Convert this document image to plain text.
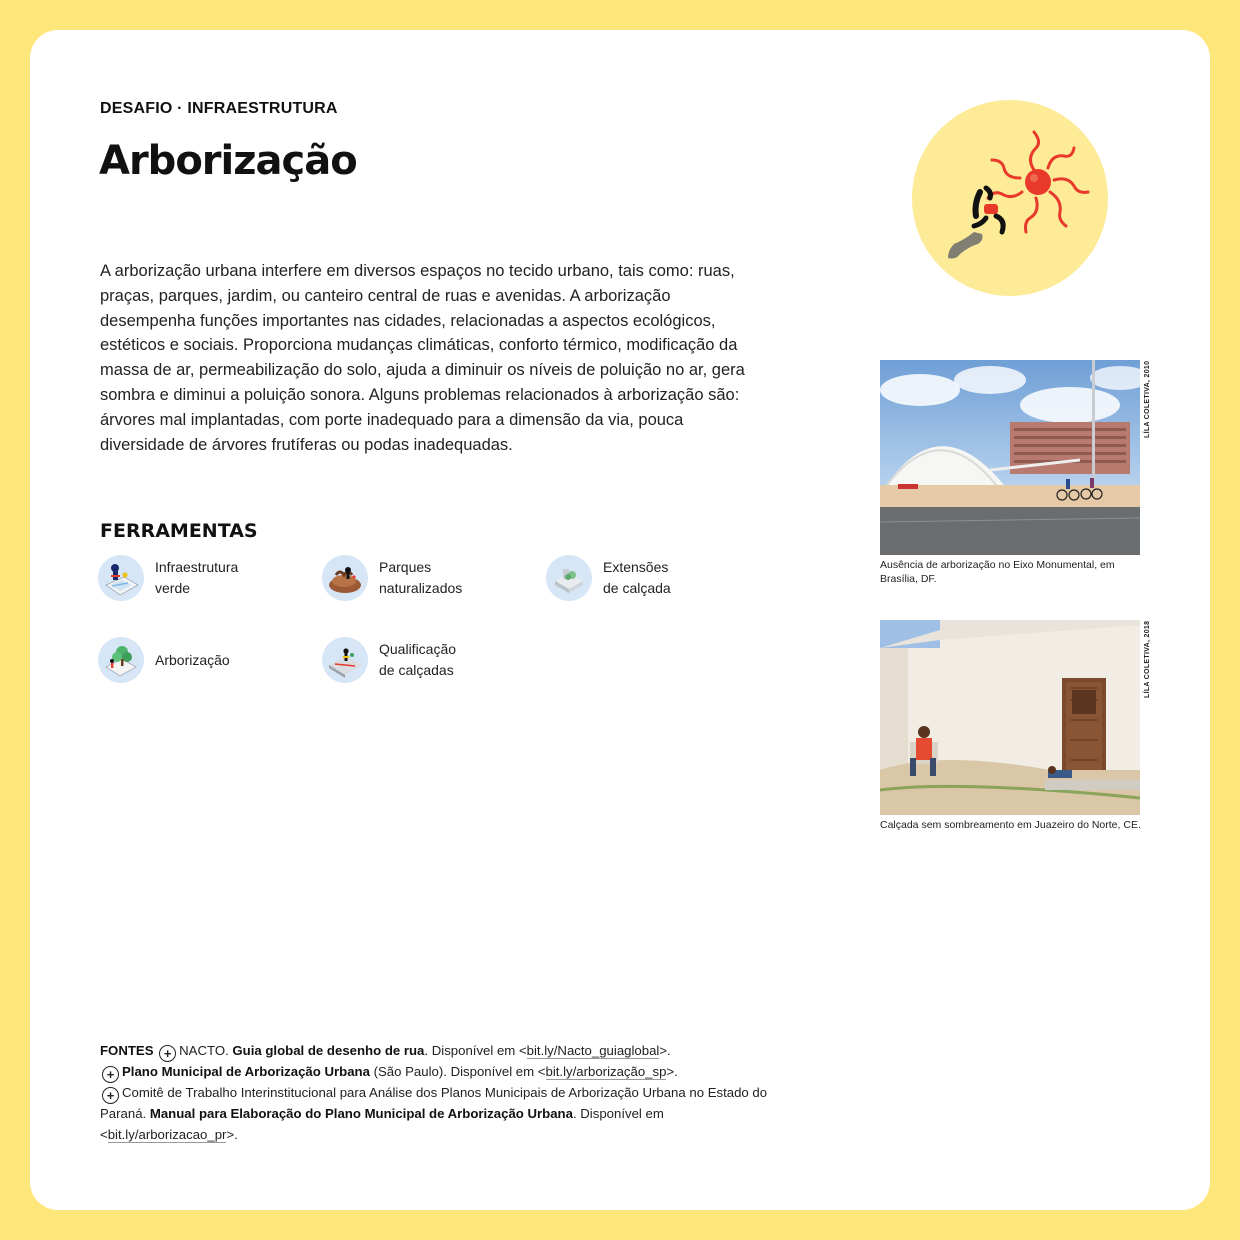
DESAFIO · INFRAESTRUTURA
Arborização

A arborização urbana interfere em diversos espaços no tecido urbano, tais como: ruas, praças, parques, jardim, ou canteiro central de ruas e avenidas. A arborização desempenha funções importantes nas cidades, relacionadas a aspectos ecológicos, estéticos e sociais. Proporciona mudanças climáticas, conforto térmico, modificação da massa de ar, permeabilização do solo, ajuda a diminuir os níveis de poluição no ar, gera sombra e diminui a poluição sonora. Alguns problemas relacionados à arborização são: árvores mal implantadas, com porte inadequado para a dimensão da via, pouca diversidade de árvores frutíferas ou podas inadequadas.

FERRAMENTAS
Infraestrutura
verde
Parques
naturalizados
Extensões
de calçada
Arborização
Qualificação
de calçadas
LÍLA COLETIVA, 2010
Ausência de arborização no Eixo Monumental, em Brasília, DF.
LÍLA COLETIVA, 2018
Calçada sem sombreamento em Juazeiro do Norte, CE.
FONTES + NACTO. Guia global de desenho de rua. Disponível em <bit.ly/Nacto_guiaglobal>.
+ Plano Municipal de Arborização Urbana (São Paulo). Disponível em <bit.ly/arborização_sp>.
+ Comitê de Trabalho Interinstitucional para Análise dos Planos Municipais de Arborização Urbana no Estado do Paraná. Manual para Elaboração do Plano Municipal de Arborização Urbana. Disponível em <bit.ly/arborizacao_pr>.
